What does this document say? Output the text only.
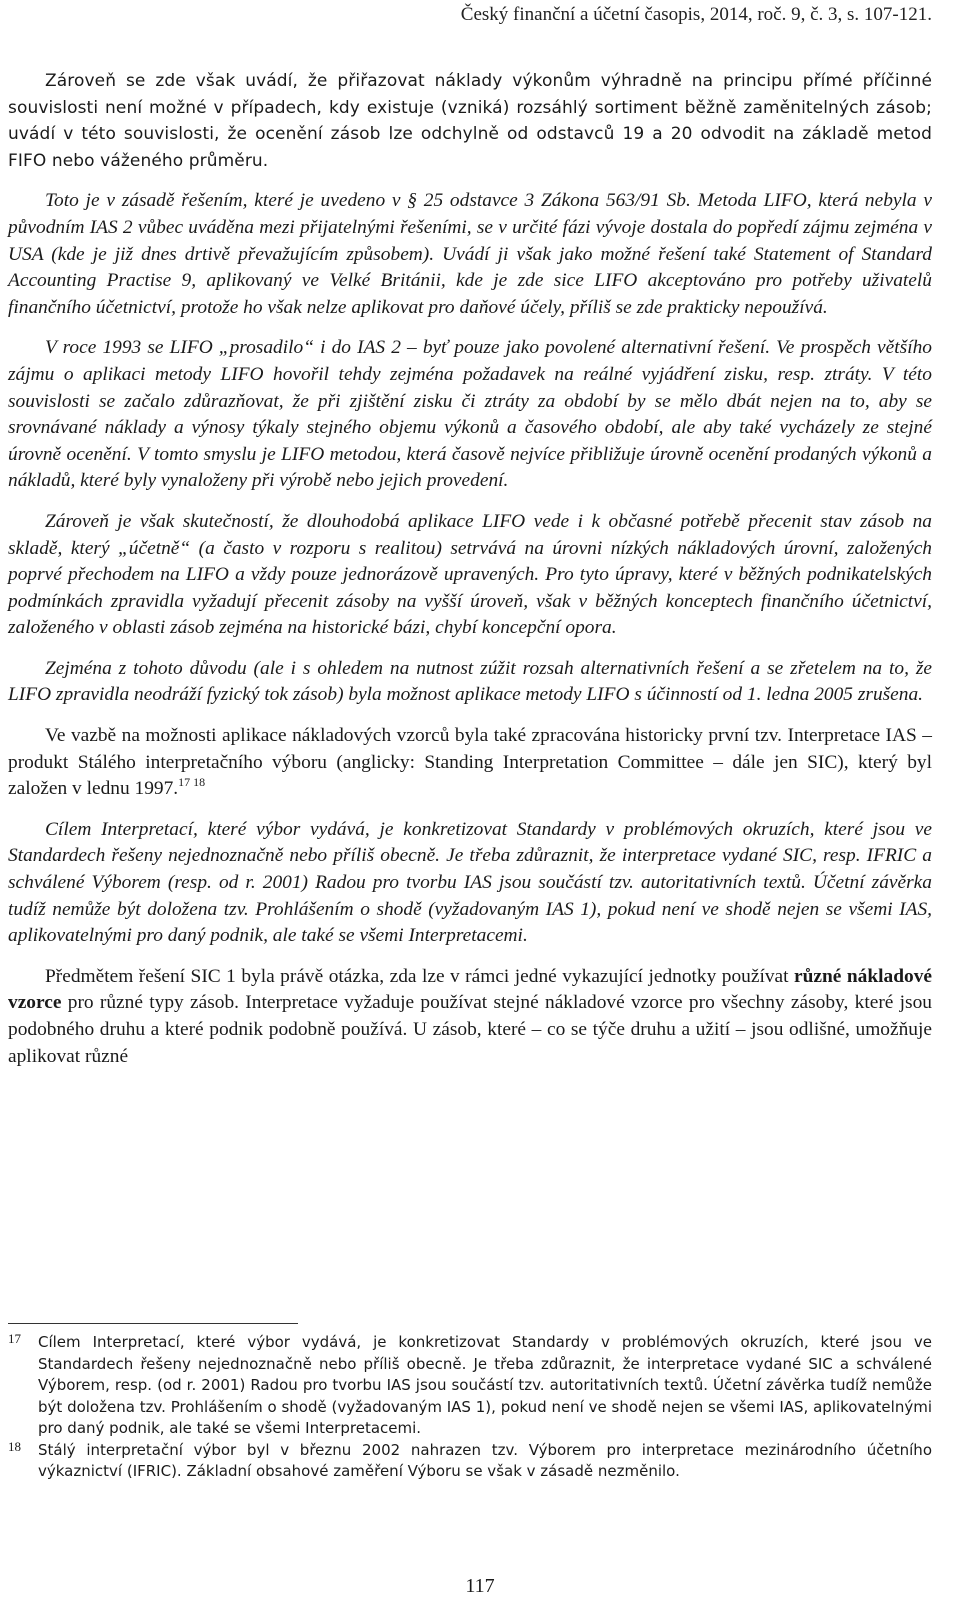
Český finanční a účetní časopis, 2014, roč. 9, č. 3, s. 107-121.

Zároveň se zde však uvádí, že přiřazovat náklady výkonům výhradně na principu přímé příčinné souvislosti není možné v případech, kdy existuje (vzniká) rozsáhlý sortiment běžně zaměnitelných zásob; uvádí v této souvislosti, že ocenění zásob lze odchylně od odstavců 19 a 20 odvodit na základě metod FIFO nebo váženého průměru.

Toto je v zásadě řešením, které je uvedeno v § 25 odstavce 3 Zákona 563/91 Sb. Metoda LIFO, která nebyla v původním IAS 2 vůbec uváděna mezi přijatelnými řešeními, se v určité fázi vývoje dostala do popředí zájmu zejména v USA (kde je již dnes drtivě převažujícím způsobem). Uvádí ji však jako možné řešení také Statement of Standard Accounting Practise 9, aplikovaný ve Velké Británii, kde je zde sice LIFO akceptováno pro potřeby uživatelů finančního účetnictví, protože ho však nelze aplikovat pro daňové účely, příliš se zde prakticky nepoužívá.

V roce 1993 se LIFO „prosadilo“ i do IAS 2 – byť pouze jako povolené alternativní řešení. Ve prospěch většího zájmu o aplikaci metody LIFO hovořil tehdy zejména požadavek na reálné vyjádření zisku, resp. ztráty. V této souvislosti se začalo zdůrazňovat, že při zjištění zisku či ztráty za období by se mělo dbát nejen na to, aby se srovnávané náklady a výnosy týkaly stejného objemu výkonů a časového období, ale aby také vycházely ze stejné úrovně ocenění. V tomto smyslu je LIFO metodou, která časově nejvíce přibližuje úrovně ocenění prodaných výkonů a nákladů, které byly vynaloženy při výrobě nebo jejich provedení.

Zároveň je však skutečností, že dlouhodobá aplikace LIFO vede i k občasné potřebě přecenit stav zásob na skladě, který „účetně“ (a často v rozporu s realitou) setrvává na úrovni nízkých nákladových úrovní, založených poprvé přechodem na LIFO a vždy pouze jednorázově upravených. Pro tyto úpravy, které v běžných podnikatelských podmínkách zpravidla vyžadují přecenit zásoby na vyšší úroveň, však v běžných konceptech finančního účetnictví, založeného v oblasti zásob zejména na historické bázi, chybí koncepční opora.

Zejména z tohoto důvodu (ale i s ohledem na nutnost zúžit rozsah alternativních řešení a se zřetelem na to, že LIFO zpravidla neodráží fyzický tok zásob) byla možnost aplikace metody LIFO s účinností od 1. ledna 2005 zrušena.

Ve vazbě na možnosti aplikace nákladových vzorců byla také zpracována historicky první tzv. Interpretace IAS – produkt Stálého interpretačního výboru (anglicky: Standing Interpretation Committee – dále jen SIC), který byl založen v lednu 1997.$^{17 18}$

Cílem Interpretací, které výbor vydává, je konkretizovat Standardy v problémových okruzích, které jsou ve Standardech řešeny nejednoznačně nebo příliš obecně. Je třeba zdůraznit, že interpretace vydané SIC, resp. IFRIC a schválené Výborem (resp. od r. 2001) Radou pro tvorbu IAS jsou součástí tzv. autoritativních textů. Účetní závěrka tudíž nemůže být doložena tzv. Prohlášením o shodě (vyžadovaným IAS 1), pokud není ve shodě nejen se všemi IAS, aplikovatelnými pro daný podnik, ale také se všemi Interpretacemi.

Předmětem řešení SIC 1 byla právě otázka, zda lze v rámci jedné vykazující jednotky používat různé nákladové vzorce pro různé typy zásob. Interpretace vyžaduje používat stejné nákladové vzorce pro všechny zásoby, které jsou podobného druhu a které podnik podobně používá. U zásob, které – co se týče druhu a užití – jsou odlišné, umožňuje aplikovat různé

17 Cílem Interpretací, které výbor vydává, je konkretizovat Standardy v problémových okruzích, které jsou ve Standardech řešeny nejednoznačně nebo příliš obecně. Je třeba zdůraznit, že interpretace vydané SIC a schválené Výborem, resp. (od r. 2001) Radou pro tvorbu IAS jsou součástí tzv. autoritativních textů. Účetní závěrka tudíž nemůže být doložena tzv. Prohlášením o shodě (vyžadovaným IAS 1), pokud není ve shodě nejen se všemi IAS, aplikovatelnými pro daný podnik, ale také se všemi Interpretacemi.
18 Stálý interpretační výbor byl v březnu 2002 nahrazen tzv. Výborem pro interpretace mezinárodního účetního výkaznictví (IFRIC). Základní obsahové zaměření Výboru se však v zásadě nezměnilo.
117
